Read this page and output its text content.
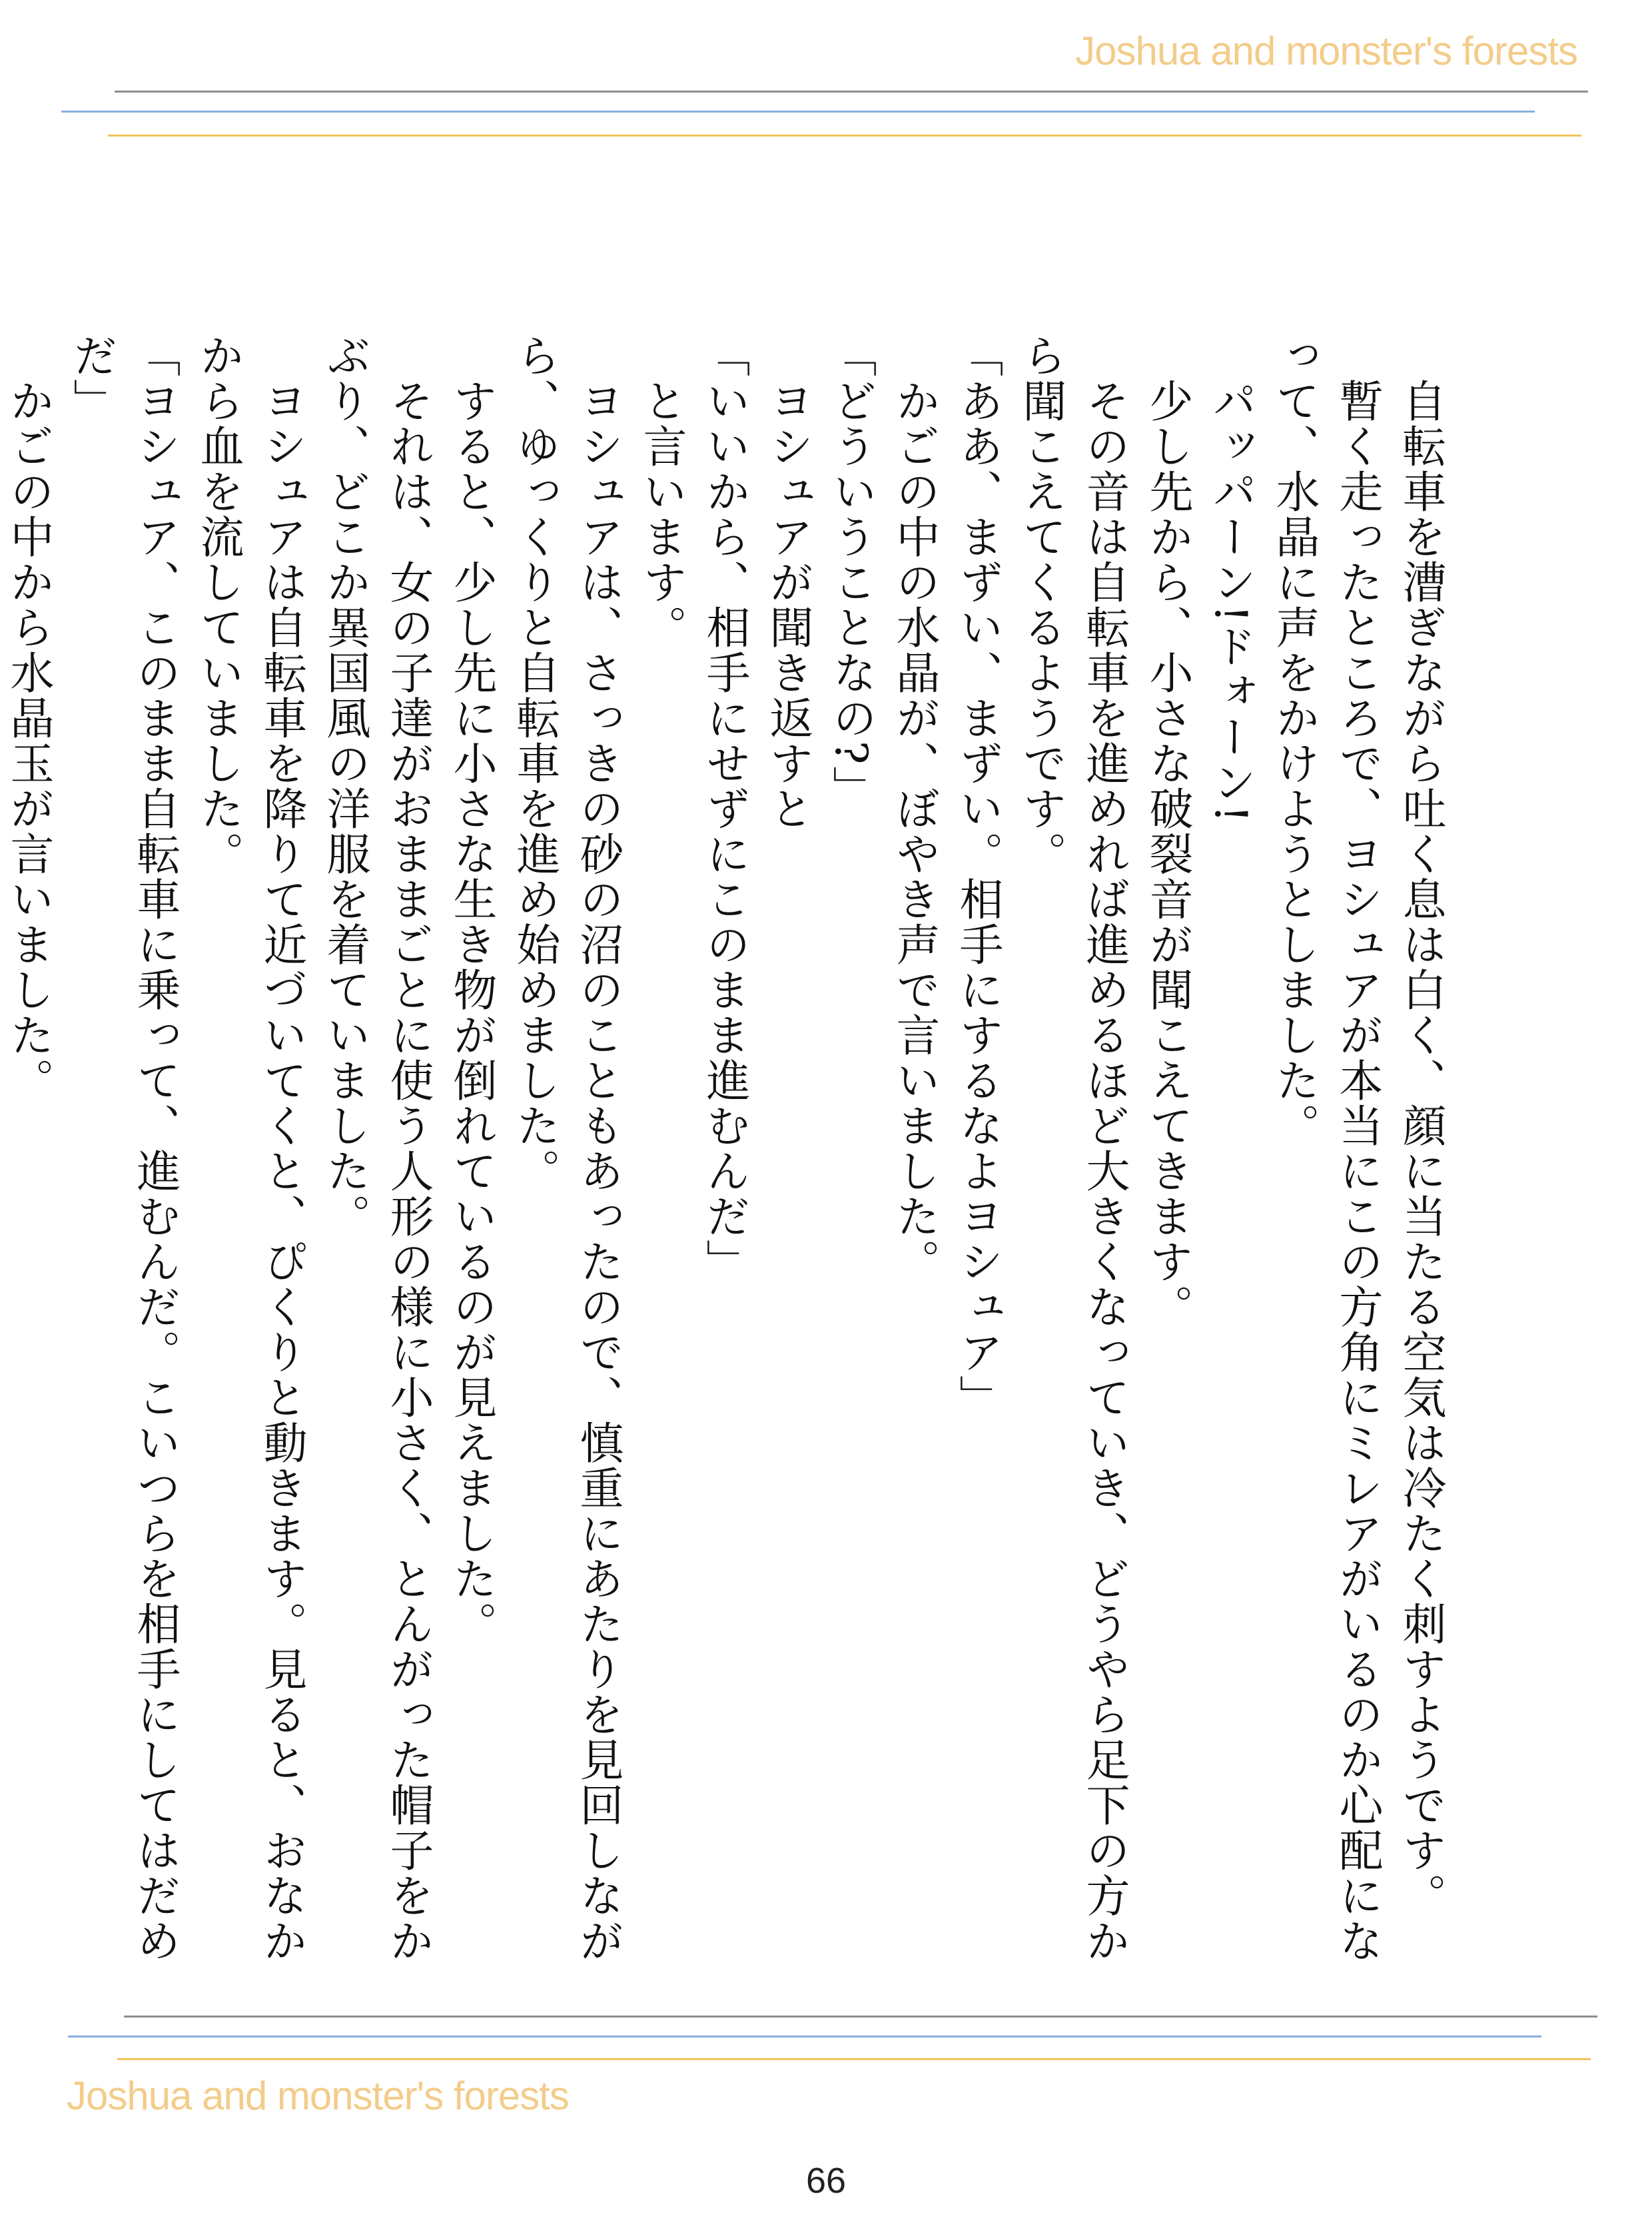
Joshua and monster's forests

　自転車を漕ぎながら吐く息は白く、顔に当たる空気は冷たく刺すようです。

　暫く走ったところで、ヨシュアが本当にこの方角にミレアがいるのか心配になって、水晶に声をかけようとしました。

　パッパーン!ドォーン!

　少し先から、小さな破裂音が聞こえてきます。

　その音は自転車を進めれば進めるほど大きくなっていき、どうやら足下の方から聞こえてくるようです。

「ああ、まずい、まずい。相手にするなよヨシュア」

　かごの中の水晶が、ぼやき声で言いました。

「どういうことなの?」

　ヨシュアが聞き返すと

「いいから、相手にせずにこのまま進むんだ」

　と言います。

　ヨシュアは、さっきの砂の沼のこともあったので、慎重にあたりを見回しながら、ゆっくりと自転車を進め始めました。

　すると、少し先に小さな生き物が倒れているのが見えました。

　それは、女の子達がおままごとに使う人形の様に小さく、とんがった帽子をかぶり、どこか異国風の洋服を着ていました。

　ヨシュアは自転車を降りて近づいてくと、ぴくりと動きます。見ると、おなかから血を流していました。

「ヨシュア、このまま自転車に乗って、進むんだ。こいつらを相手にしてはだめだ」

　かごの中から水晶玉が言いました。

Joshua and monster's forests
66
